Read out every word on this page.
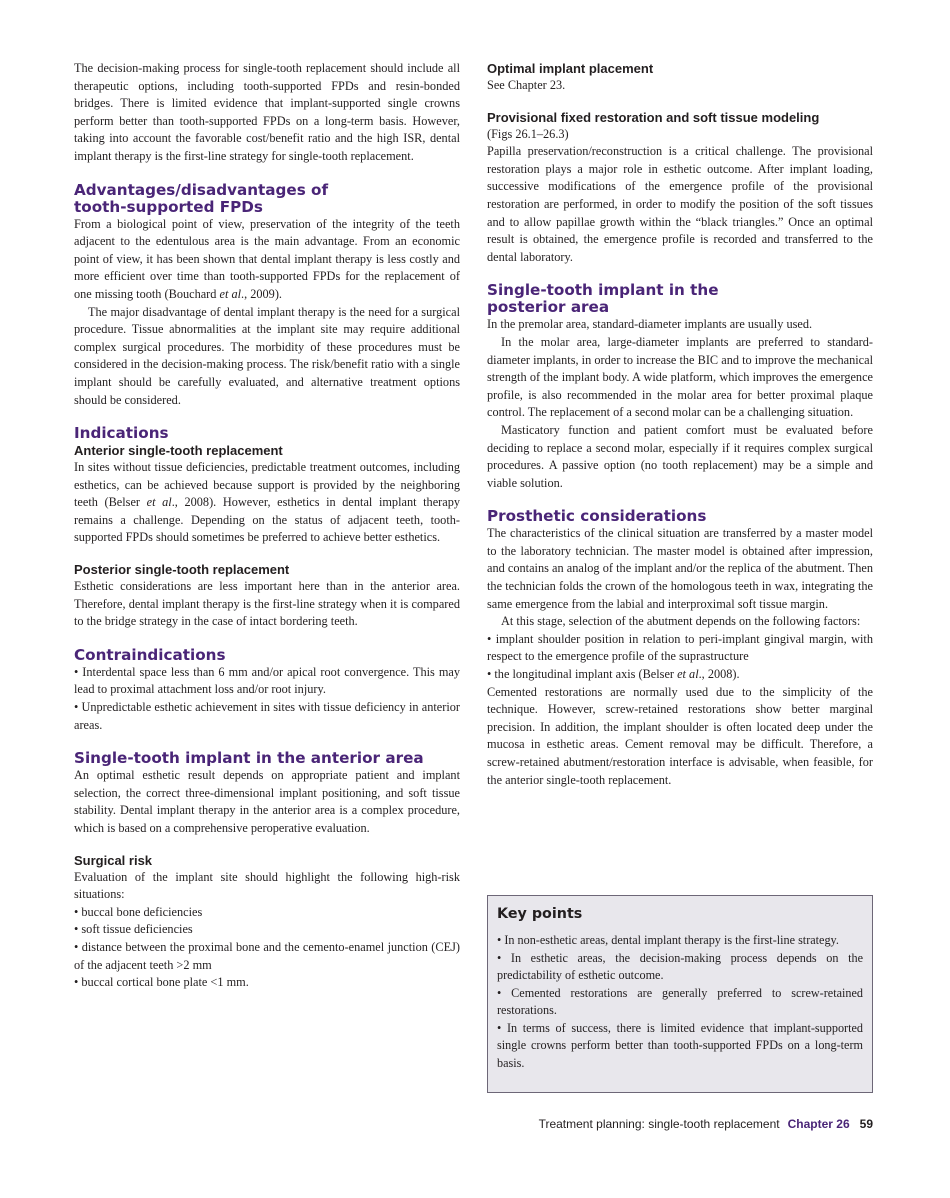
The decision-making process for single-tooth replacement should include all therapeutic options, including tooth-supported FPDs and resin-bonded bridges. There is limited evidence that implant-supported single crowns perform better than tooth-supported FPDs on a long-term basis. However, taking into account the favorable cost/benefit ratio and the high ISR, dental implant therapy is the first-line strategy for single-tooth replacement.

Advantages/disadvantages of
tooth-supported FPDs

From a biological point of view, preservation of the integrity of the teeth adjacent to the edentulous area is the main advantage. From an economic point of view, it has been shown that dental implant therapy is less costly and more efficient over time than tooth-supported FPDs for the replacement of one missing tooth (Bouchard et al., 2009).

The major disadvantage of dental implant therapy is the need for a surgical procedure. Tissue abnormalities at the implant site may require additional complex surgical procedures. The morbidity of these procedures must be considered in the decision-making process. The risk/benefit ratio with a single implant should be carefully evaluated, and alternative treatment options should be considered.

Indications
Anterior single-tooth replacement

In sites without tissue deficiencies, predictable treatment outcomes, including esthetics, can be achieved because support is provided by the neighboring teeth (Belser et al., 2008). However, esthetics in dental implant therapy remains a challenge. Depending on the status of adjacent teeth, tooth-supported FPDs should sometimes be preferred to achieve better esthetics.

Posterior single-tooth replacement

Esthetic considerations are less important here than in the anterior area. Therefore, dental implant therapy is the first-line strategy when it is compared to the bridge strategy in the case of intact bordering teeth.

Contraindications

• Interdental space less than 6 mm and/or apical root convergence. This may lead to proximal attachment loss and/or root injury.

• Unpredictable esthetic achievement in sites with tissue deficiency in anterior areas.

Single-tooth implant in the anterior area

An optimal esthetic result depends on appropriate patient and implant selection, the correct three-dimensional implant positioning, and soft tissue stability. Dental implant therapy in the anterior area is a complex procedure, which is based on a comprehensive peroperative evaluation.

Surgical risk

Evaluation of the implant site should highlight the following high-risk situations:

• buccal bone deficiencies

• soft tissue deficiencies

• distance between the proximal bone and the cemento-enamel junction (CEJ) of the adjacent teeth >2 mm

• buccal cortical bone plate <1 mm.

Optimal implant placement

See Chapter 23.

Provisional fixed restoration and soft tissue modeling

(Figs 26.1–26.3)

Papilla preservation/reconstruction is a critical challenge. The provisional restoration plays a major role in esthetic outcome. After implant loading, successive modifications of the emergence profile of the provisional restoration are performed, in order to modify the position of the soft tissues and to allow papillae growth within the “black triangles.” Once an optimal result is obtained, the emergence profile is recorded and transferred to the dental laboratory.

Single-tooth implant in the
posterior area

In the premolar area, standard-diameter implants are usually used.

In the molar area, large-diameter implants are preferred to standard-diameter implants, in order to increase the BIC and to improve the mechanical strength of the implant body. A wide platform, which improves the emergence profile, is also recommended in the molar area for better proximal plaque control. The replacement of a second molar can be a challenging situation.

Masticatory function and patient comfort must be evaluated before deciding to replace a second molar, especially if it requires complex surgical procedures. A passive option (no tooth replacement) may be a simple and viable solution.

Prosthetic considerations

The characteristics of the clinical situation are transferred by a master model to the laboratory technician. The master model is obtained after impression, and contains an analog of the implant and/or the replica of the abutment. Then the technician folds the crown of the homologous teeth in wax, integrating the same emergence from the labial and interproximal soft tissue margin.

At this stage, selection of the abutment depends on the following factors:

• implant shoulder position in relation to peri-implant gingival margin, with respect to the emergence profile of the suprastructure

• the longitudinal implant axis (Belser et al., 2008).

Cemented restorations are normally used due to the simplicity of the technique. However, screw-retained restorations show better marginal precision. In addition, the implant shoulder is often located deep under the mucosa in esthetic areas. Cement removal may be difficult. Therefore, a screw-retained abutment/restoration interface is advisable, when feasible, for the anterior single-tooth replacement.

Key points

• In non-esthetic areas, dental implant therapy is the first-line strategy.

• In esthetic areas, the decision-making process depends on the predictability of esthetic outcome.

• Cemented restorations are generally preferred to screw-retained restorations.

• In terms of success, there is limited evidence that implant-supported single crowns perform better than tooth-supported FPDs on a long-term basis.

Treatment planning: single-tooth replacement Chapter 26 59
